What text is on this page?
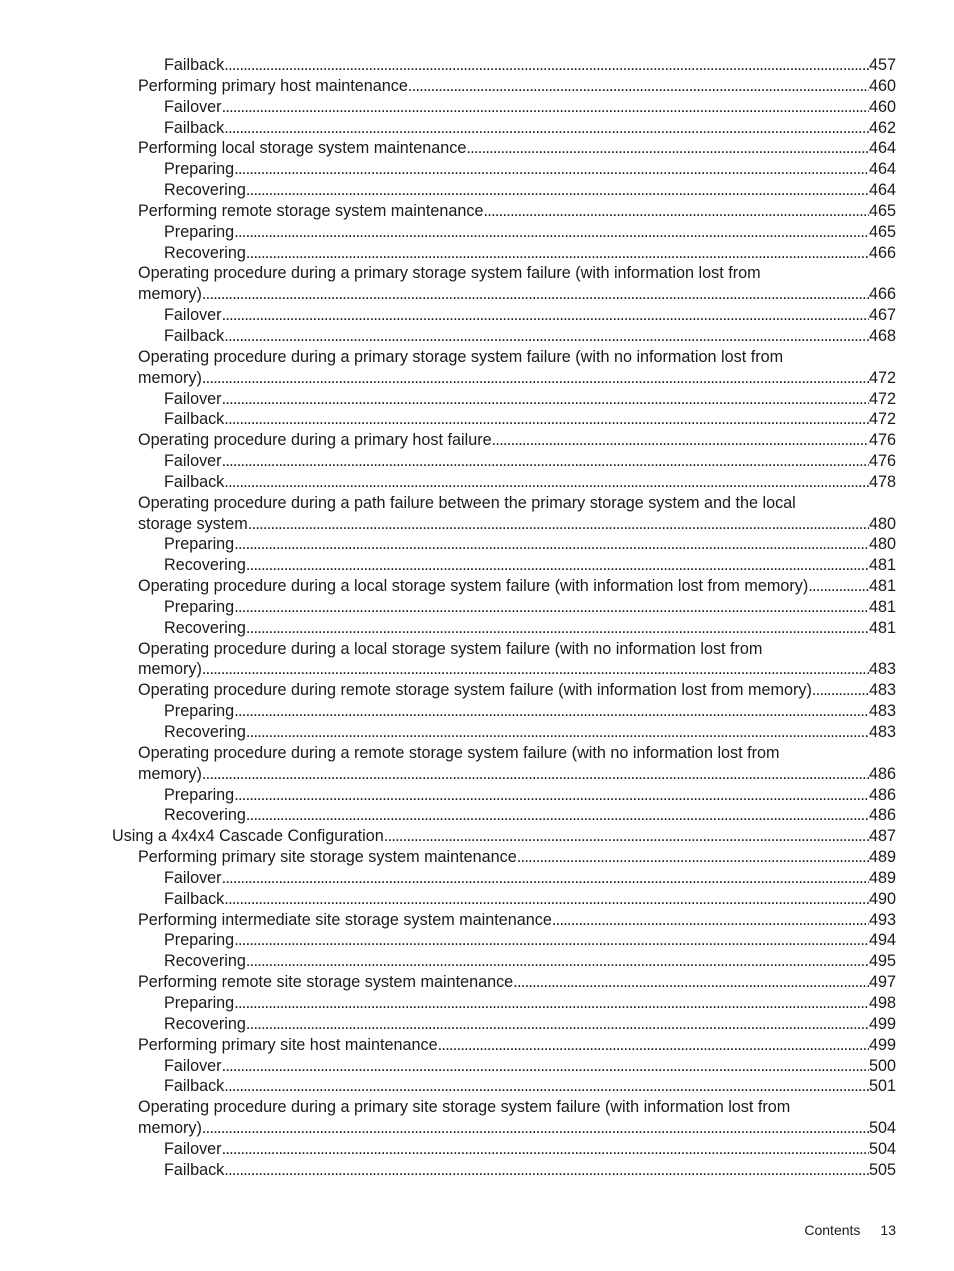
Failback . . .	457
Performing primary host maintenance . . .	460
Failover . . .	460
Failback . . .	462
Performing local storage system maintenance . . .	464
Preparing . . .	464
Recovering . . .	464
Performing remote storage system maintenance . . .	465
Preparing . . .	465
Recovering . . .	466
Operating procedure during a primary storage system failure (with information lost from
memory) . . .	466
Failover . . .	467
Failback . . .	468
Operating procedure during a primary storage system failure (with no information lost from
memory) . . .	472
Failover . . .	472
Failback . . .	472
Operating procedure during a primary host failure . . .	476
Failover . . .	476
Failback . . .	478
Operating procedure during a path failure between the primary storage system and the local
storage system . . .	480
Preparing . . .	480
Recovering . . .	481
Operating procedure during a local storage system failure (with information lost from memory) . . .	481
Preparing . . .	481
Recovering . . .	481
Operating procedure during a local storage system failure (with no information lost from
memory) . . .	483
Operating procedure during remote storage system failure (with information lost from memory) . . .	483
Preparing . . .	483
Recovering . . .	483
Operating procedure during a remote storage system failure (with no information lost from
memory) . . .	486
Preparing . . .	486
Recovering . . .	486
Using a 4x4x4 Cascade Configuration . . .	487
Performing primary site storage system maintenance . . .	489
Failover . . .	489
Failback . . .	490
Performing intermediate site storage system maintenance . . .	493
Preparing . . .	494
Recovering . . .	495
Performing remote site storage system maintenance . . .	497
Preparing . . .	498
Recovering . . .	499
Performing primary site host maintenance . . .	499
Failover . . .	500
Failback . . .	501
Operating procedure during a primary site storage system failure (with information lost from
memory) . . .	504
Failover . . .	504
Failback . . .	505
Contents 13
